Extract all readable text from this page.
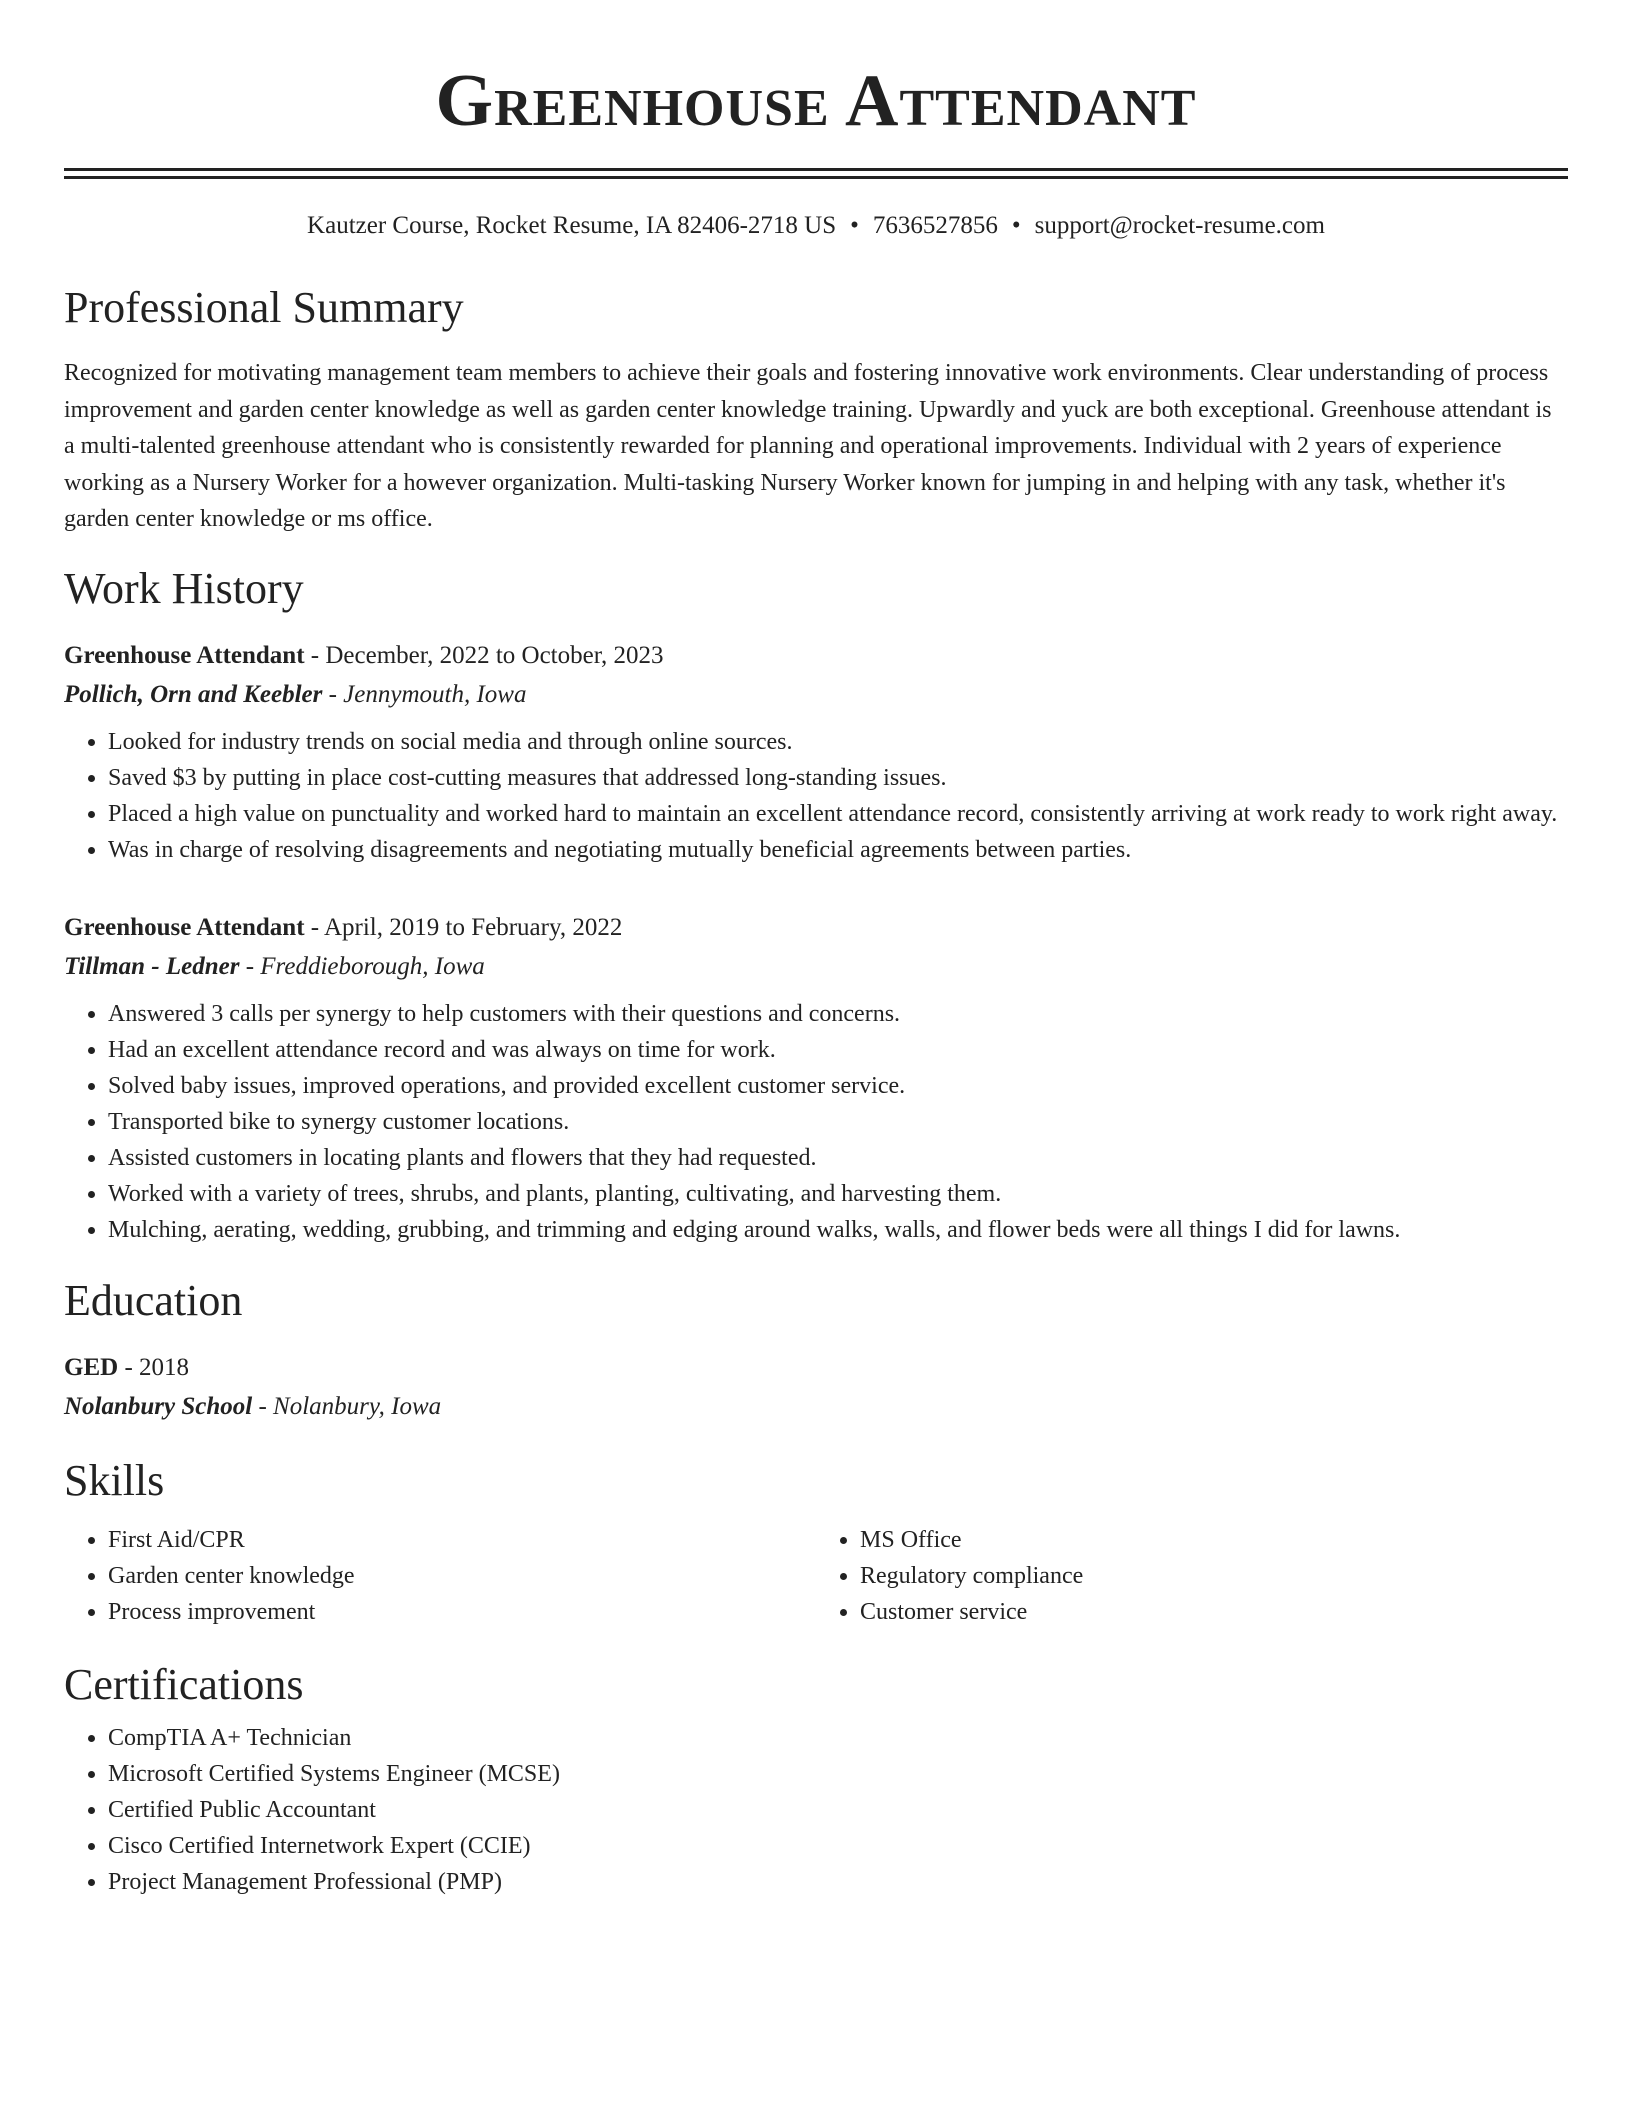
Greenhouse Attendant
Kautzer Course, Rocket Resume, IA 82406-2718 US • 7636527856 • support@rocket-resume.com
Professional Summary

Recognized for motivating management team members to achieve their goals and fostering innovative work environments. Clear understanding of process improvement and garden center knowledge as well as garden center knowledge training. Upwardly and yuck are both exceptional. Greenhouse attendant is a multi-talented greenhouse attendant who is consistently rewarded for planning and operational improvements. Individual with 2 years of experience working as a Nursery Worker for a however organization. Multi-tasking Nursery Worker known for jumping in and helping with any task, whether it's garden center knowledge or ms office.

Work History
Greenhouse Attendant - December, 2022 to October, 2023
Pollich, Orn and Keebler - Jennymouth, Iowa
• Looked for industry trends on social media and through online sources.
• Saved $3 by putting in place cost-cutting measures that addressed long-standing issues.
• Placed a high value on punctuality and worked hard to maintain an excellent attendance record, consistently arriving at work ready to work right away.
• Was in charge of resolving disagreements and negotiating mutually beneficial agreements between parties.
Greenhouse Attendant - April, 2019 to February, 2022
Tillman - Ledner - Freddieborough, Iowa
• Answered 3 calls per synergy to help customers with their questions and concerns.
• Had an excellent attendance record and was always on time for work.
• Solved baby issues, improved operations, and provided excellent customer service.
• Transported bike to synergy customer locations.
• Assisted customers in locating plants and flowers that they had requested.
• Worked with a variety of trees, shrubs, and plants, planting, cultivating, and harvesting them.
• Mulching, aerating, wedding, grubbing, and trimming and edging around walks, walls, and flower beds were all things I did for lawns.
Education
GED - 2018
Nolanbury School - Nolanbury, Iowa
Skills
• First Aid/CPR
• Garden center knowledge
• Process improvement
• MS Office
• Regulatory compliance
• Customer service
Certifications
• CompTIA A+ Technician
• Microsoft Certified Systems Engineer (MCSE)
• Certified Public Accountant
• Cisco Certified Internetwork Expert (CCIE)
• Project Management Professional (PMP)
